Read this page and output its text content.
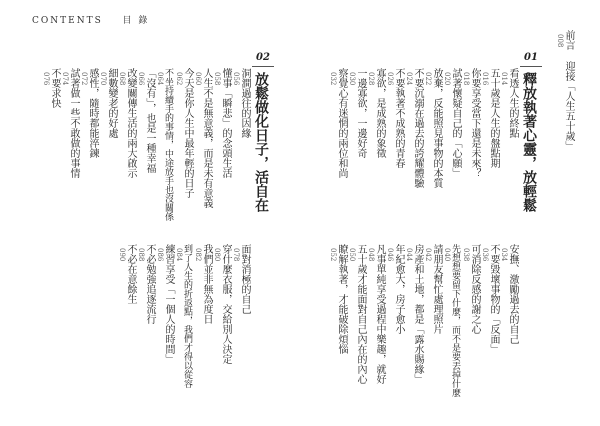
CONTENTS 目 錄
前言 迎接「人生五十歲」
008
01
釋放執著心靈，放輕鬆
02
放鬆做化日子，活自在	看透人生的終點
014
五十歲是人生的盤點期
016
你要享受當下還是未來？
018
試著懷疑自己的「心願」
020
放棄，反能照見事物的本質
022
不要沉溺在過去的誇耀體驗
024
不要執著不成熟的青春
026
寡欲，是成熟的象徵
028
一邊寡欲，一邊好奇
030
察覺心有迷惘的兩位和尚
032
安撫、激勵過去的自己
034
不要毀壞事物的「反面」
036
可消除反感的謝之心
038
先想想要留下什麼，而不是要丟掉什麼
040
請朋友幫忙處理照片
042
房產和土地，都是「露水賜緣」
044
年紀愈大，房子愈小
046
凡事單純享受過程中樂趣，就好
048
五十歲才能面對自己內在的內心
050
瞭解執著，才能破除煩惱
052
洞澗過往的因緣
056
懂事「瞬悲」的念頭生活
058
人生不是無意義，而是未有意義
060
今天是你人生中最年輕的日子
062
不坐持續手的事情，中途放手也沒關係
064
「沒有」，也是一種幸福
066
改變關傳生活的兩大啟示
068
細數變老的好處
070
感性，隨時都能淬鍊
072
試著做一些不敢做的事情
074
不要求快
076
面對消極的自己
078
穿什麼衣服，交給別人決定
080
我們並非無為度日
082
到了人生的折返點，我們才得以從容
084
練習享受「一個人的時間」
086
不必勉強追逐流行
088
不必在意餘生
090
